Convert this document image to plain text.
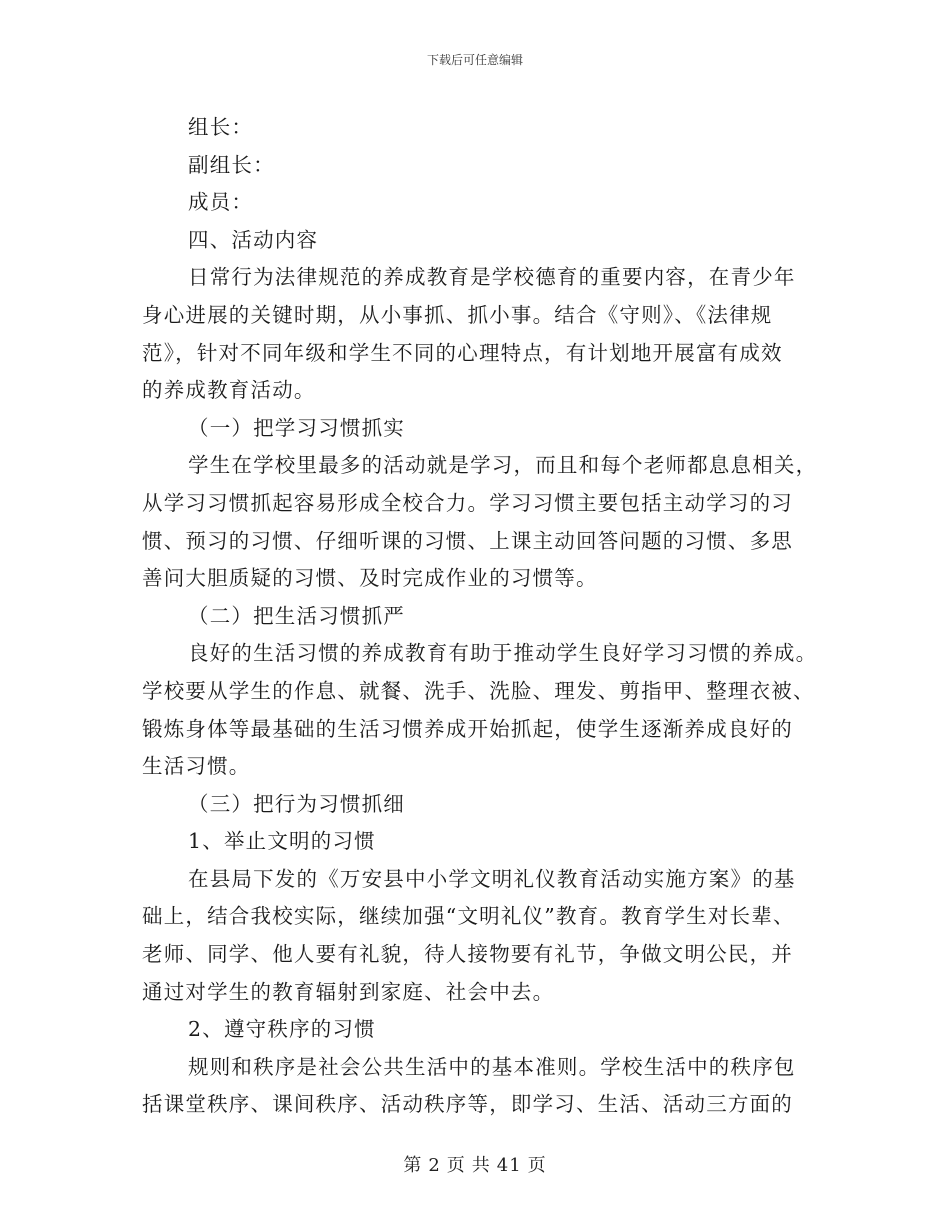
下载后可任意编辑
组长：
副组长：
成员：
四、活动内容
日常行为法律规范的养成教育是学校德育的重要内容，在青少年
身心进展的关键时期，从小事抓、抓小事。结合《守则》、《法律规
范》，针对不同年级和学生不同的心理特点，有计划地开展富有成效
的养成教育活动。
（一）把学习习惯抓实
学生在学校里最多的活动就是学习，而且和每个老师都息息相关，
从学习习惯抓起容易形成全校合力。学习习惯主要包括主动学习的习
惯、预习的习惯、仔细听课的习惯、上课主动回答问题的习惯、多思
善问大胆质疑的习惯、及时完成作业的习惯等。
（二）把生活习惯抓严
良好的生活习惯的养成教育有助于推动学生良好学习习惯的养成。
学校要从学生的作息、就餐、洗手、洗脸、理发、剪指甲、整理衣被、
锻炼身体等最基础的生活习惯养成开始抓起，使学生逐渐养成良好的
生活习惯。
（三）把行为习惯抓细
1、举止文明的习惯
在县局下发的《万安县中小学文明礼仪教育活动实施方案》的基
础上，结合我校实际，继续加强“文明礼仪”教育。教育学生对长辈、
老师、同学、他人要有礼貌，待人接物要有礼节，争做文明公民，并
通过对学生的教育辐射到家庭、社会中去。
2、遵守秩序的习惯
规则和秩序是社会公共生活中的基本准则。学校生活中的秩序包
括课堂秩序、课间秩序、活动秩序等，即学习、生活、活动三方面的
第 2 页 共 41 页
